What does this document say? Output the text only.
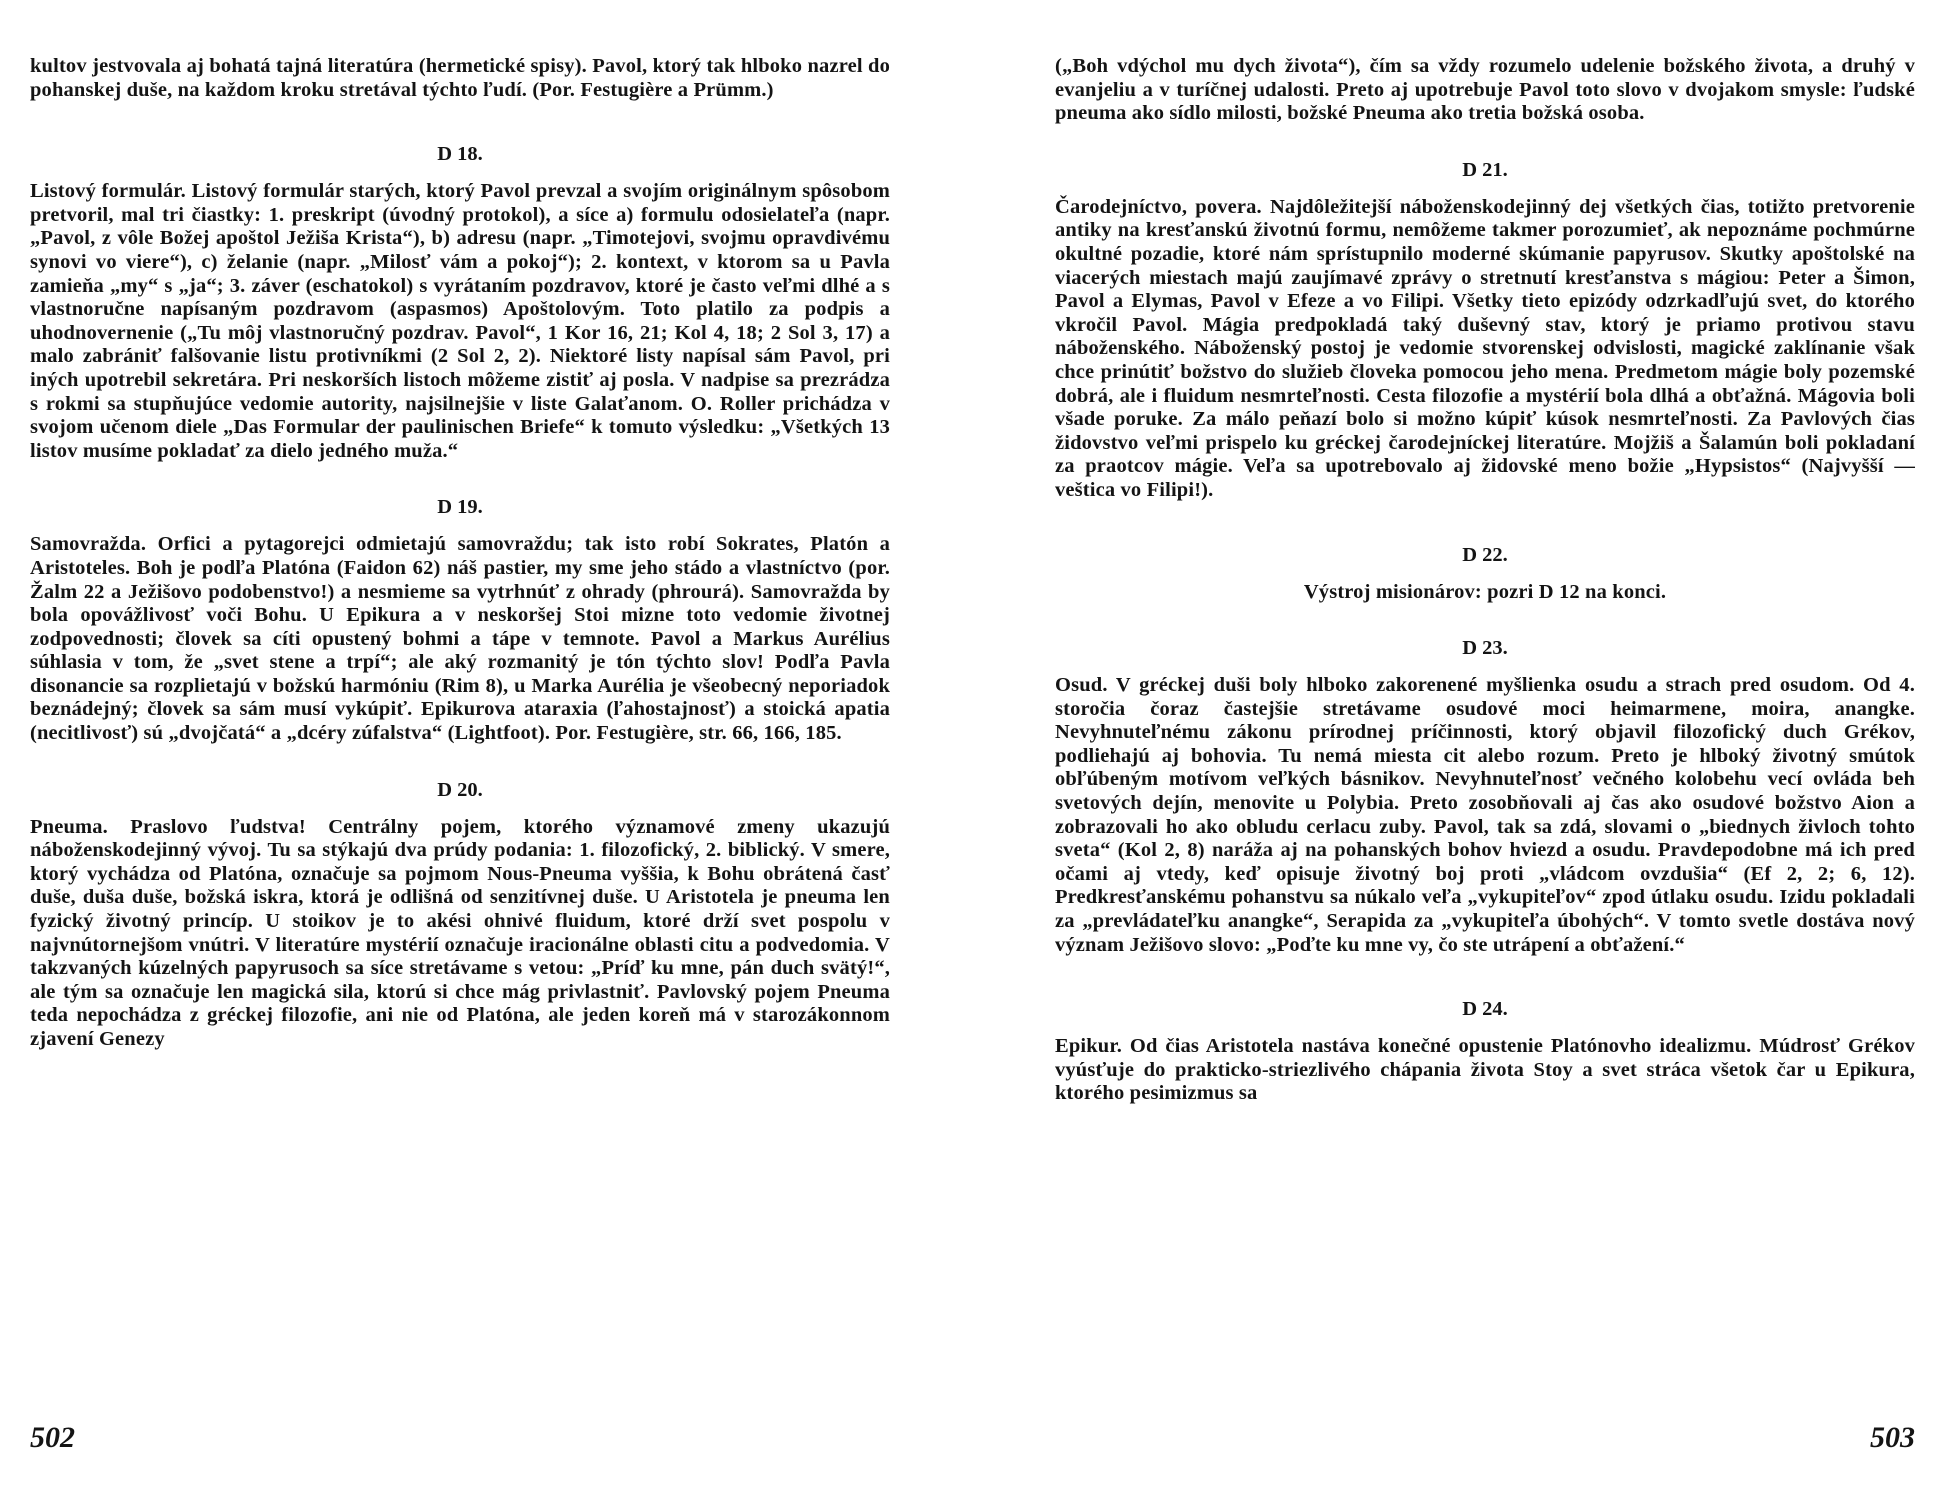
kultov jestvovala aj bohatá tajná literatúra (hermetické spisy). Pavol, ktorý tak hlboko nazrel do pohanskej duše, na každom kroku stretával týchto ľudí. (Por. Festugière a Prümm.)

D 18.

Listový formulár. Listový formulár starých, ktorý Pavol prevzal a svojím originálnym spôsobom pretvoril, mal tri čiastky: 1. preskript (úvodný protokol), a síce a) formulu odosielateľa (napr. „Pavol, z vôle Božej apoštol Ježiša Krista“), b) adresu (napr. „Timotejovi, svojmu opravdivému synovi vo viere“), c) želanie (napr. „Milosť vám a pokoj“); 2. kontext, v ktorom sa u Pavla zamieňa „my“ s „ja“; 3. záver (eschatokol) s vyrátaním pozdravov, ktoré je často veľmi dlhé a s vlastnoručne napísaným pozdravom (aspasmos) Apoštolovým. Toto platilo za podpis a uhodnovernenie („Tu môj vlastnoručný pozdrav. Pavol“, 1 Kor 16, 21; Kol 4, 18; 2 Sol 3, 17) a malo zabrániť falšovanie listu protivníkmi (2 Sol 2, 2). Niektoré listy napísal sám Pavol, pri iných upotrebil sekretára. Pri neskorších listoch môžeme zistiť aj posla. V nadpise sa prezrádza s rokmi sa stupňujúce vedomie autority, najsilnejšie v liste Galaťanom. O. Roller prichádza v svojom učenom diele „Das Formular der paulinischen Briefe“ k tomuto výsledku: „Všetkých 13 listov musíme pokladať za dielo jedného muža.“

D 19.

Samovražda. Orfici a pytagorejci odmietajú samovraždu; tak isto robí Sokrates, Platón a Aristoteles. Boh je podľa Platóna (Faidon 62) náš pastier, my sme jeho stádo a vlastníctvo (por. Žalm 22 a Ježišovo podobenstvo!) a nesmieme sa vytrhnúť z ohrady (phrourá). Samovražda by bola opovážlivosť voči Bohu. U Epikura a v neskoršej Stoi mizne toto vedomie životnej zodpovednosti; človek sa cíti opustený bohmi a tápe v temnote. Pavol a Markus Aurélius súhlasia v tom, že „svet stene a trpí“; ale aký rozmanitý je tón týchto slov! Podľa Pavla disonancie sa rozplietajú v božskú harmóniu (Rim 8), u Marka Aurélia je všeobecný neporiadok beznádejný; človek sa sám musí vykúpiť. Epikurova ataraxia (ľahostajnosť) a stoická apatia (necitlivosť) sú „dvojčatá“ a „dcéry zúfalstva“ (Lightfoot). Por. Festugière, str. 66, 166, 185.

D 20.

Pneuma. Praslovo ľudstva! Centrálny pojem, ktorého významové zmeny ukazujú náboženskodejinný vývoj. Tu sa stýkajú dva prúdy podania: 1. filozofický, 2. biblický. V smere, ktorý vychádza od Platóna, označuje sa pojmom Nous-Pneuma vyššia, k Bohu obrátená časť duše, duša duše, božská iskra, ktorá je odlišná od senzitívnej duše. U Aristotela je pneuma len fyzický životný princíp. U stoikov je to akési ohnivé fluidum, ktoré drží svet pospolu v najvnútornejšom vnútri. V literatúre mystérií označuje iracionálne oblasti citu a podvedomia. V takzvaných kúzelných papyrusoch sa síce stretávame s vetou: „Príď ku mne, pán duch svätý!“, ale tým sa označuje len magická sila, ktorú si chce mág privlastniť. Pavlovský pojem Pneuma teda nepochádza z gréckej filozofie, ani nie od Platóna, ale jeden koreň má v starozákonnom zjavení Genezy

502

(„Boh vdýchol mu dych života“), čím sa vždy rozumelo udelenie božského života, a druhý v evanjeliu a v turíčnej udalosti. Preto aj upotrebuje Pavol toto slovo v dvojakom smysle: ľudské pneuma ako sídlo milosti, božské Pneuma ako tretia božská osoba.

D 21.

Čarodejníctvo, povera. Najdôležitejší náboženskodejinný dej všetkých čias, totižto pretvorenie antiky na kresťanskú životnú formu, nemôžeme takmer porozumieť, ak nepoznáme pochmúrne okultné pozadie, ktoré nám sprístupnilo moderné skúmanie papyrusov. Skutky apoštolské na viacerých miestach majú zaujímavé zprávy o stretnutí kresťanstva s mágiou: Peter a Šimon, Pavol a Elymas, Pavol v Efeze a vo Filipi. Všetky tieto epizódy odzrkadľujú svet, do ktorého vkročil Pavol. Mágia predpokladá taký duševný stav, ktorý je priamo protivou stavu náboženského. Náboženský postoj je vedomie stvorenskej odvislosti, magické zaklínanie však chce prinútiť božstvo do služieb človeka pomocou jeho mena. Predmetom mágie boly pozemské dobrá, ale i fluidum nesmrteľnosti. Cesta filozofie a mystérií bola dlhá a obťažná. Mágovia boli všade poruke. Za málo peňazí bolo si možno kúpiť kúsok nesmrteľnosti. Za Pavlových čias židovstvo veľmi prispelo ku gréckej čarodejníckej literatúre. Mojžiš a Šalamún boli pokladaní za praotcov mágie. Veľa sa upotrebovalo aj židovské meno božie „Hypsistos“ (Najvyšší — veštica vo Filipi!).

D 22.

Výstroj misionárov: pozri D 12 na konci.

D 23.

Osud. V gréckej duši boly hlboko zakorenené myšlienka osudu a strach pred osudom. Od 4. storočia čoraz častejšie stretávame osudové moci heimarmene, moira, anangke. Nevyhnuteľnému zákonu prírodnej príčinnosti, ktorý objavil filozofický duch Grékov, podliehajú aj bohovia. Tu nemá miesta cit alebo rozum. Preto je hlboký životný smútok obľúbeným motívom veľkých básnikov. Nevyhnuteľnosť večného kolobehu vecí ovláda beh svetových dejín, menovite u Polybia. Preto zosobňovali aj čas ako osudové božstvo Aion a zobrazovali ho ako obludu cerlacu zuby. Pavol, tak sa zdá, slovami o „biednych živloch tohto sveta“ (Kol 2, 8) naráža aj na pohanských bohov hviezd a osudu. Pravdepodobne má ich pred očami aj vtedy, keď opisuje životný boj proti „vládcom ovzdušia“ (Ef 2, 2; 6, 12). Predkresťanskému pohanstvu sa núkalo veľa „vykupiteľov“ zpod útlaku osudu. Izidu pokladali za „prevládateľku anangke“, Serapida za „vykupiteľa úbohých“. V tomto svetle dostáva nový význam Ježišovo slovo: „Poďte ku mne vy, čo ste utrápení a obťažení.“

D 24.

Epikur. Od čias Aristotela nastáva konečné opustenie Platónovho idealizmu. Múdrosť Grékov vyúsťuje do prakticko-striezlivého chápania života Stoy a svet stráca všetok čar u Epikura, ktorého pesimizmus sa

503
